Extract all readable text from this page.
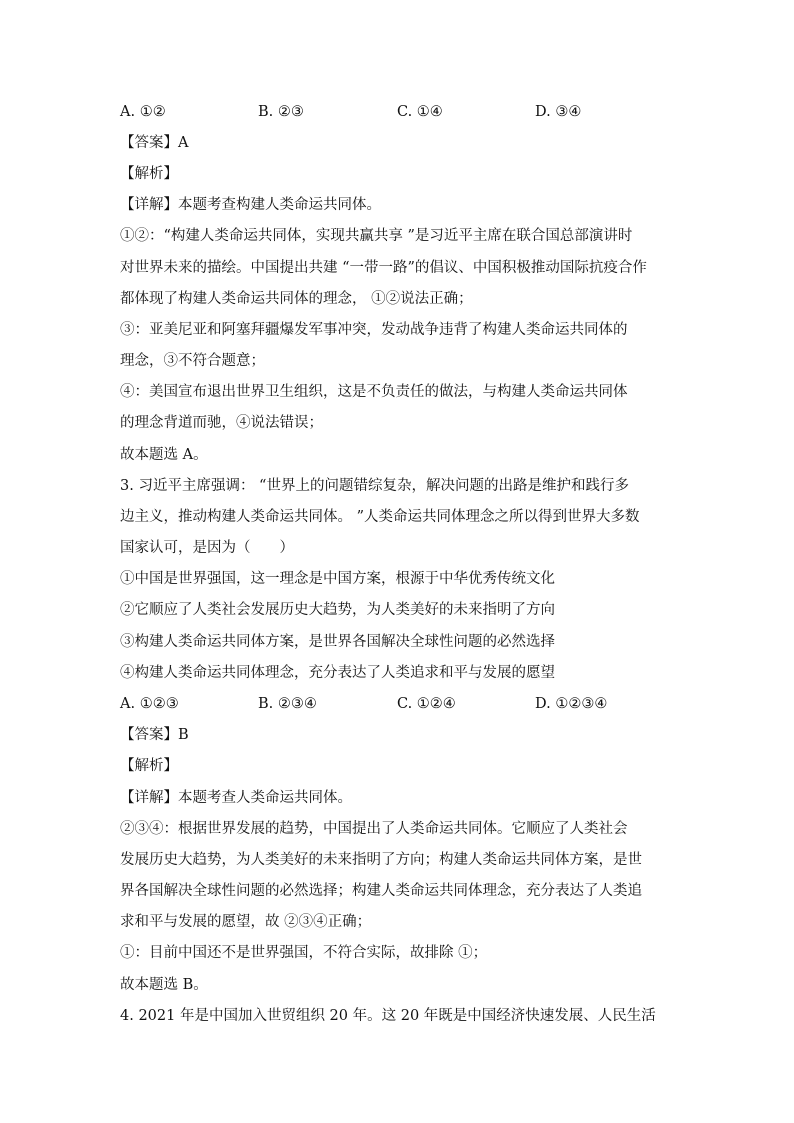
A. ①②	B. ②③	C. ①④	D. ③④
【答案】A
【解析】
【详解】本题考查构建人类命运共同体。
①②：“构建人类命运共同体，实现共赢共享 ”是习近平主席在联合国总部演讲时
对世界未来的描绘。中国提出共建 “一带一路”的倡议、中国积极推动国际抗疫合作
都体现了构建人类命运共同体的理念， ①②说法正确；
③：亚美尼亚和阿塞拜疆爆发军事冲突，发动战争违背了构建人类命运共同体的
理念，③不符合题意；
④：美国宣布退出世界卫生组织，这是不负责任的做法，与构建人类命运共同体
的理念背道而驰，④说法错误；
故本题选 A。
3. 习近平主席强调： “世界上的问题错综复杂，解决问题的出路是维护和践行多
边主义，推动构建人类命运共同体。 ”人类命运共同体理念之所以得到世界大多数
国家认可，是因为（　　）
①中国是世界强国，这一理念是中国方案，根源于中华优秀传统文化
②它顺应了人类社会发展历史大趋势，为人类美好的未来指明了方向
③构建人类命运共同体方案，是世界各国解决全球性问题的必然选择
④构建人类命运共同体理念，充分表达了人类追求和平与发展的愿望
A. ①②③	B. ②③④	C. ①②④	D. ①②③④
【答案】B
【解析】
【详解】本题考查人类命运共同体。
②③④：根据世界发展的趋势，中国提出了人类命运共同体。它顺应了人类社会
发展历史大趋势，为人类美好的未来指明了方向；构建人类命运共同体方案，是世
界各国解决全球性问题的必然选择；构建人类命运共同体理念，充分表达了人类追
求和平与发展的愿望，故 ②③④正确；
①：目前中国还不是世界强国，不符合实际，故排除 ①；
故本题选 B。
4. 2021 年是中国加入世贸组织 20 年。这 20 年既是中国经济快速发展、人民生活
